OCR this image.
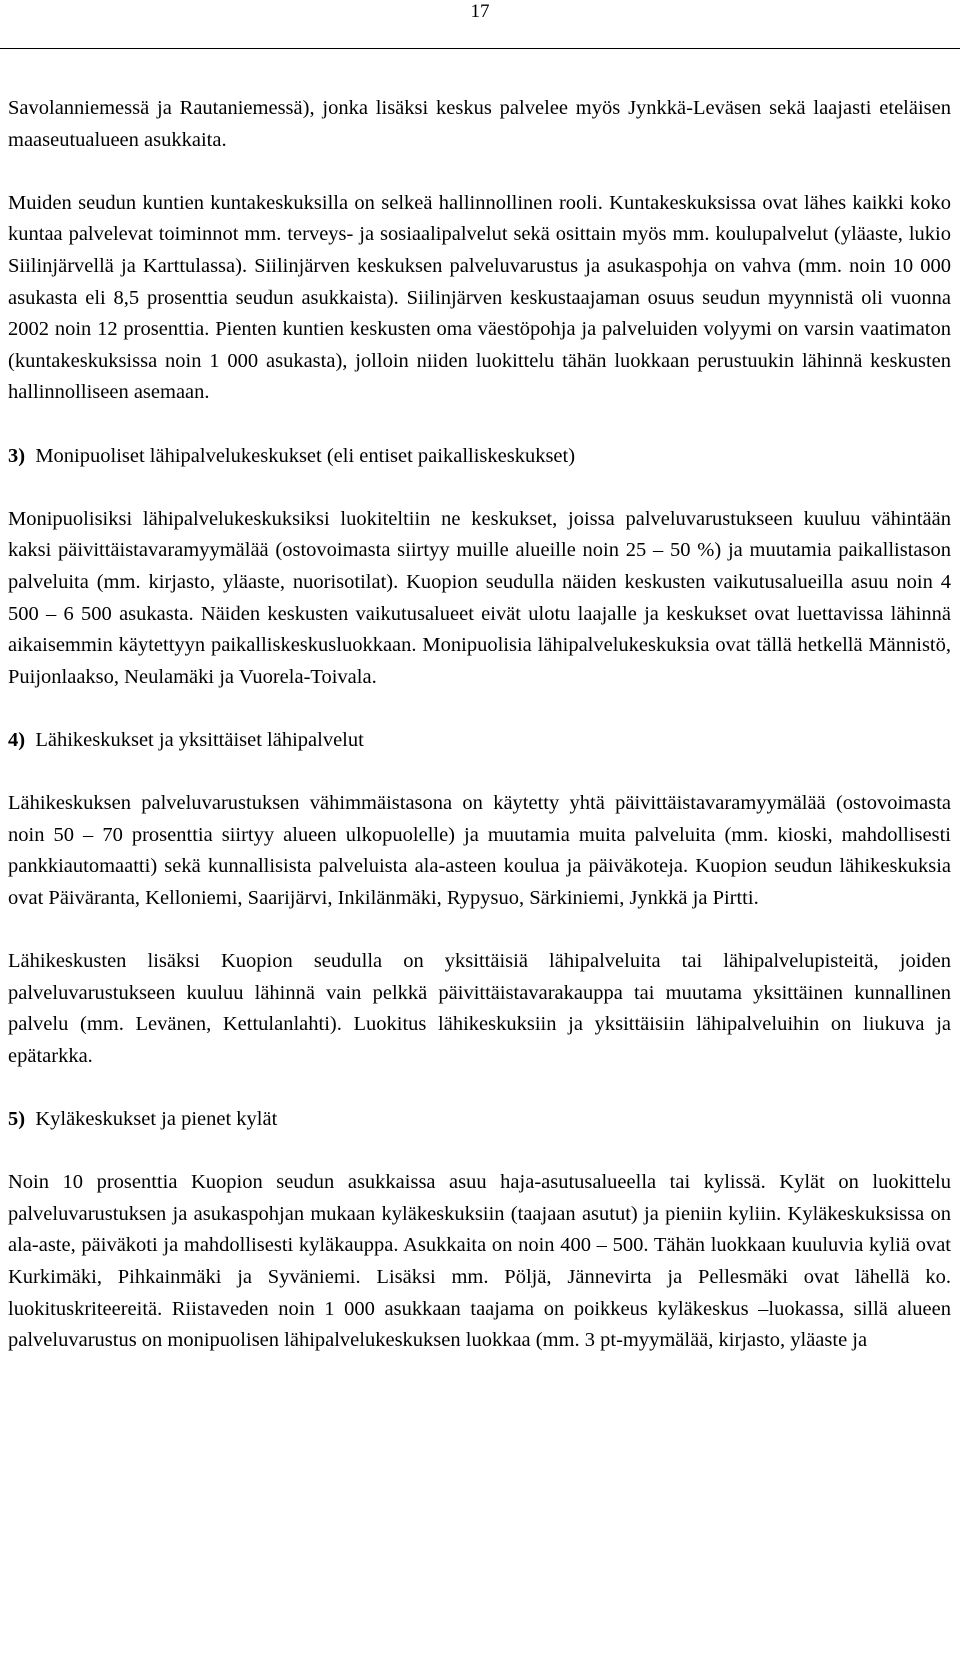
17

Savolanniemessä ja Rautaniemessä), jonka lisäksi keskus palvelee myös Jynkkä-Leväsen sekä laajasti eteläisen maaseutualueen asukkaita.

Muiden seudun kuntien kuntakeskuksilla on selkeä hallinnollinen rooli. Kuntakeskuksissa ovat lähes kaikki koko kuntaa palvelevat toiminnot mm. terveys- ja sosiaalipalvelut sekä osittain myös mm. koulupalvelut (yläaste, lukio Siilinjärvellä ja Karttulassa). Siilinjärven keskuksen palveluvarustus ja asukaspohja on vahva (mm. noin 10 000 asukasta eli 8,5 prosenttia seudun asukkaista). Siilinjärven keskustaajaman osuus seudun myynnistä oli vuonna 2002 noin 12 prosenttia. Pienten kuntien keskusten oma väestöpohja ja palveluiden volyymi on varsin vaatimaton (kuntakeskuksissa noin 1 000 asukasta), jolloin niiden luokittelu tähän luokkaan perustuukin lähinnä keskusten hallinnolliseen asemaan.

3) Monipuoliset lähipalvelukeskukset (eli entiset paikalliskeskukset)

Monipuolisiksi lähipalvelukeskuksiksi luokiteltiin ne keskukset, joissa palveluvarustukseen kuuluu vähintään kaksi päivittäistavaramyymälää (ostovoimasta siirtyy muille alueille noin 25 – 50 %) ja muutamia paikallistason palveluita (mm. kirjasto, yläaste, nuorisotilat). Kuopion seudulla näiden keskusten vaikutusalueilla asuu noin 4 500 – 6 500 asukasta. Näiden keskusten vaikutusalueet eivät ulotu laajalle ja keskukset ovat luettavissa lähinnä aikaisemmin käytettyyn paikalliskeskusluokkaan. Monipuolisia lähipalvelukeskuksia ovat tällä hetkellä Männistö, Puijonlaakso, Neulamäki ja Vuorela-Toivala.

4) Lähikeskukset ja yksittäiset lähipalvelut

Lähikeskuksen palveluvarustuksen vähimmäistasona on käytetty yhtä päivittäistavaramyymälää (ostovoimasta noin 50 – 70 prosenttia siirtyy alueen ulkopuolelle) ja muutamia muita palveluita (mm. kioski, mahdollisesti pankkiautomaatti) sekä kunnallisista palveluista ala-asteen koulua ja päiväkoteja. Kuopion seudun lähikeskuksia ovat Päiväranta, Kelloniemi, Saarijärvi, Inkilänmäki, Rypysuo, Särkiniemi, Jynkkä ja Pirtti.

Lähikeskusten lisäksi Kuopion seudulla on yksittäisiä lähipalveluita tai lähipalvelupisteitä, joiden palveluvarustukseen kuuluu lähinnä vain pelkkä päivittäistavarakauppa tai muutama yksittäinen kunnallinen palvelu (mm. Levänen, Kettulanlahti). Luokitus lähikeskuksiin ja yksittäisiin lähipalveluihin on liukuva ja epätarkka.

5) Kyläkeskukset ja pienet kylät

Noin 10 prosenttia Kuopion seudun asukkaissa asuu haja-asutusalueella tai kylissä. Kylät on luokittelu palveluvarustuksen ja asukaspohjan mukaan kyläkeskuksiin (taajaan asutut) ja pieniin kyliin. Kyläkeskuksissa on ala-aste, päiväkoti ja mahdollisesti kyläkauppa. Asukkaita on noin 400 – 500. Tähän luokkaan kuuluvia kyliä ovat Kurkimäki, Pihkainmäki ja Syväniemi. Lisäksi mm. Pöljä, Jännevirta ja Pellesmäki ovat lähellä ko. luokituskriteereitä. Riistaveden noin 1 000 asukkaan taajama on poikkeus kyläkeskus –luokassa, sillä alueen palveluvarustus on monipuolisen lähipalvelukeskuksen luokkaa (mm. 3 pt-myymälää, kirjasto, yläaste ja
